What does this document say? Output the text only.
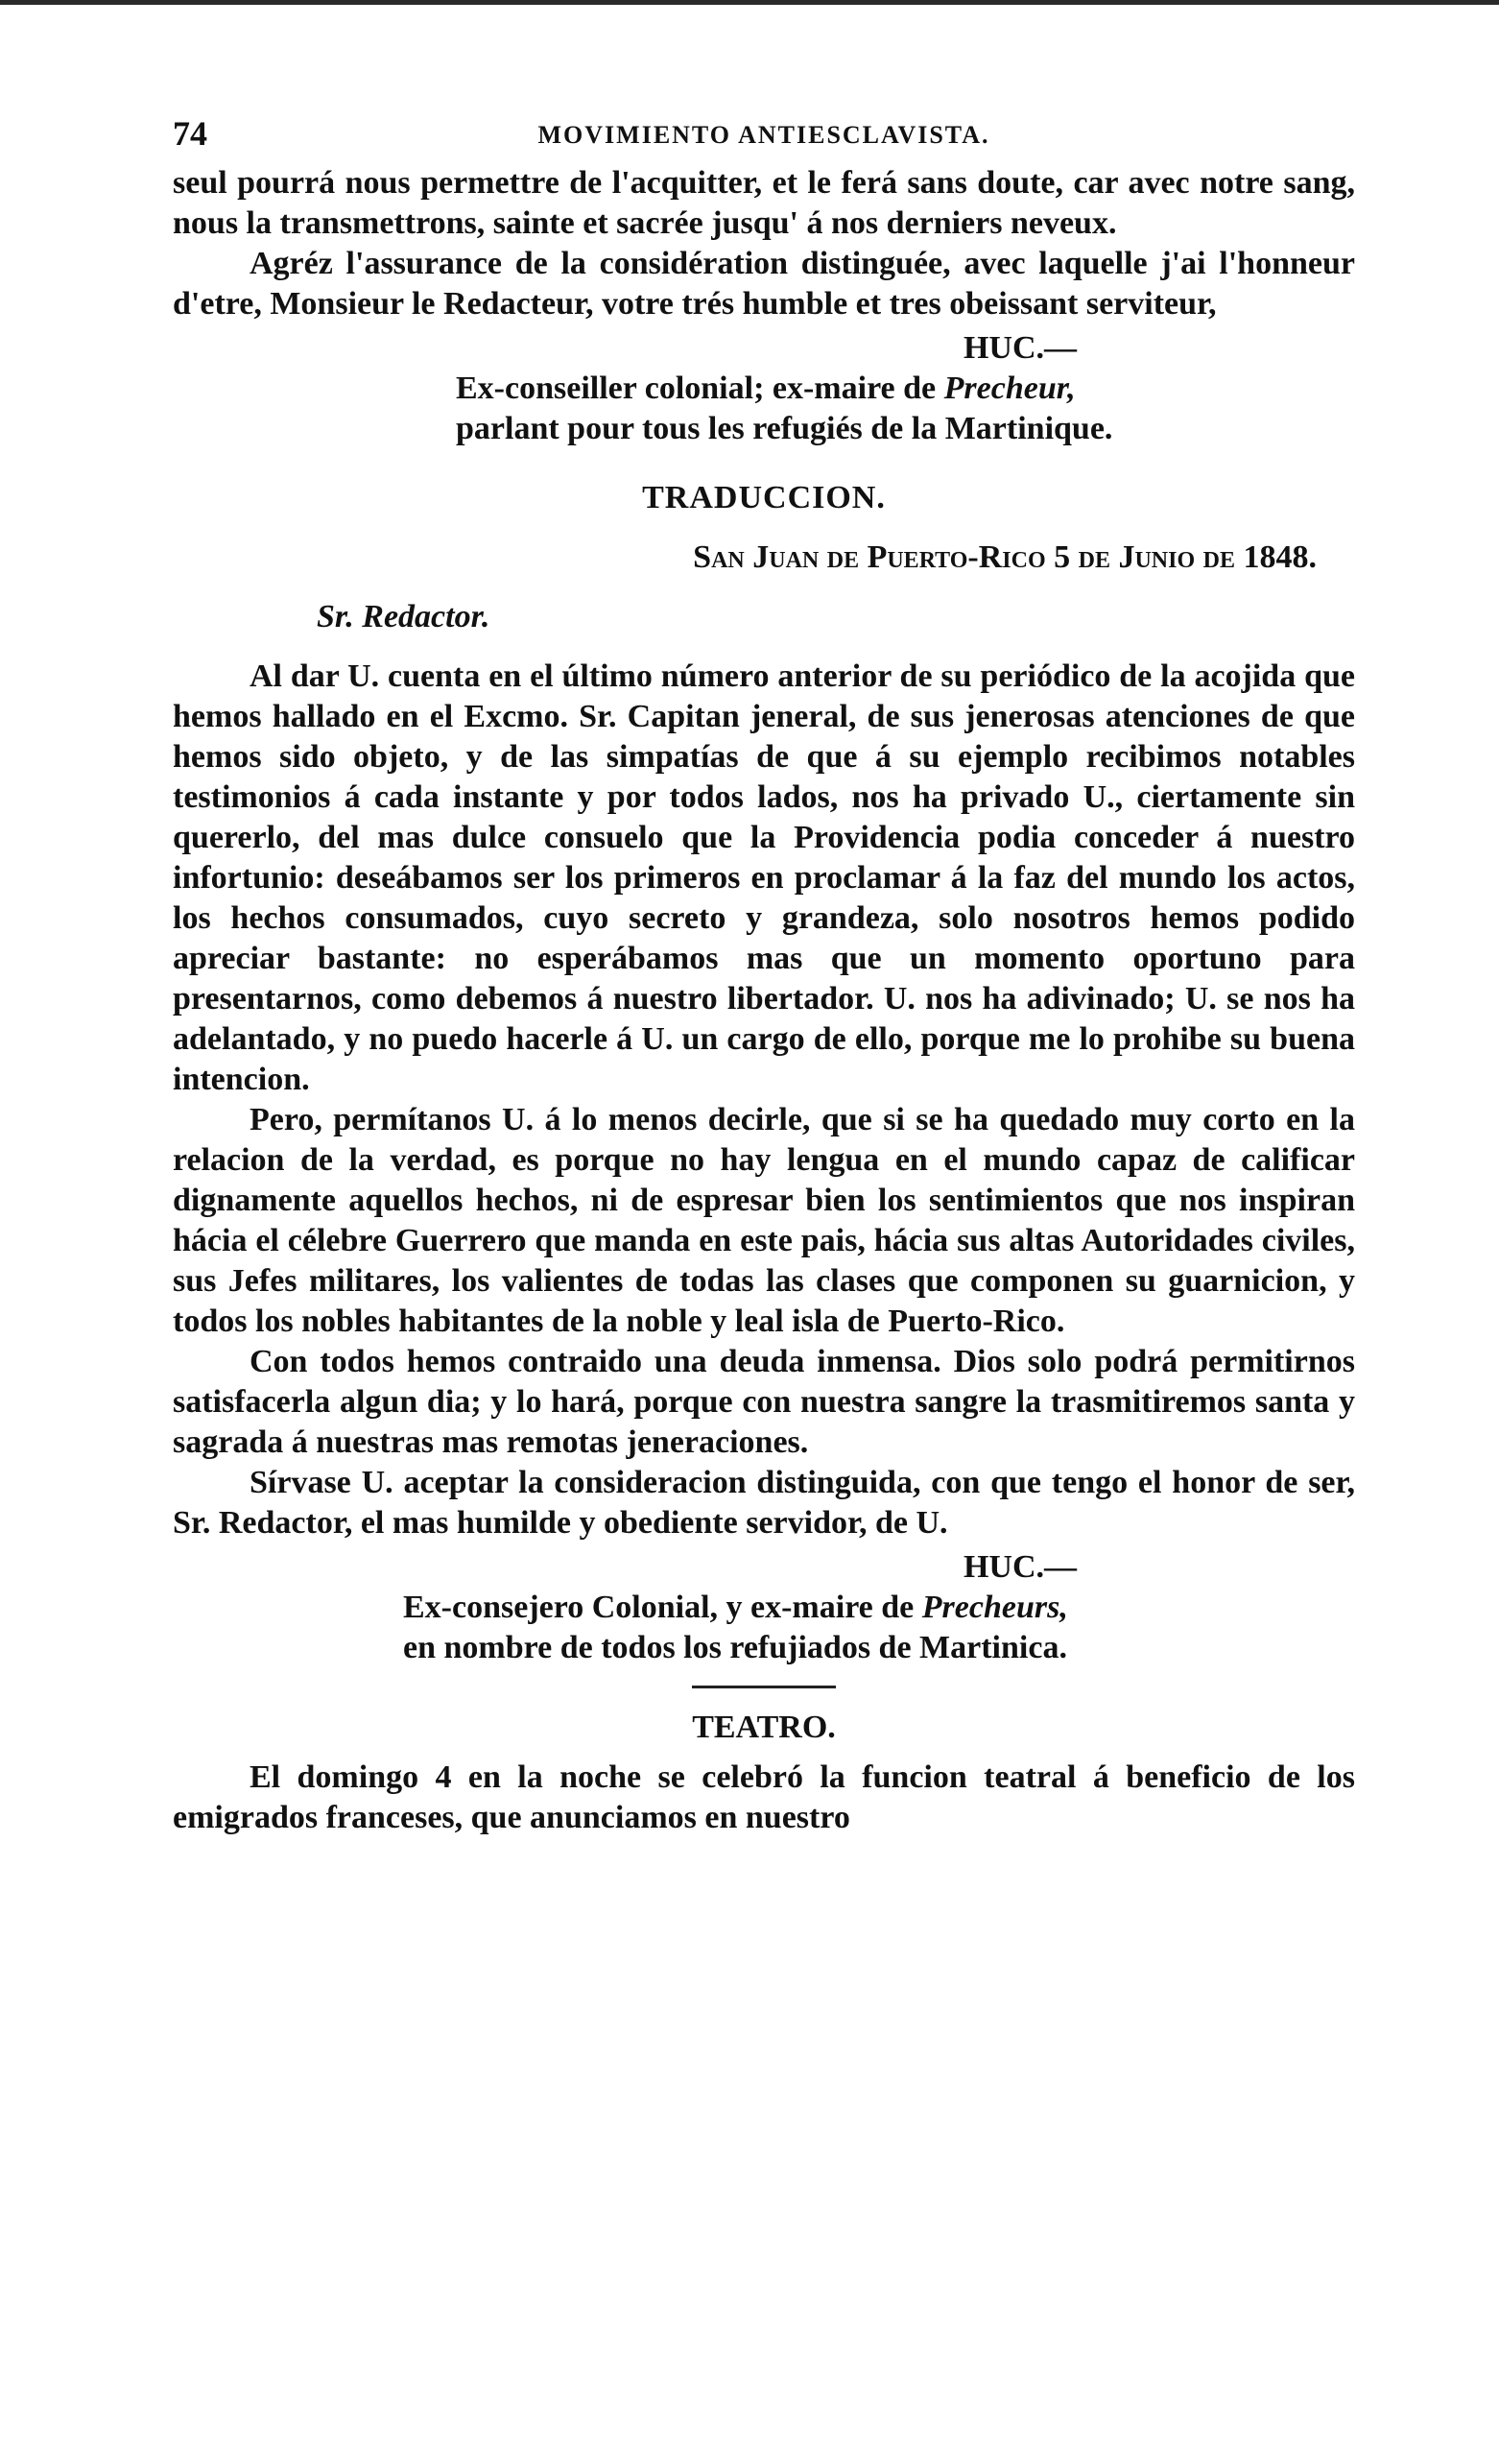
74	MOVIMIENTO ANTIESCLAVISTA.

seul pourrá nous permettre de l'acquitter, et le ferá sans doute, car avec notre sang, nous la transmettrons, sainte et sacrée jusqu' á nos derniers neveux.

Agréz l'assurance de la considération distinguée, avec laquelle j'ai l'honneur d'etre, Monsieur le Redacteur, votre trés humble et tres obeissant serviteur,

HUC.—
Ex-conseiller colonial; ex-maire de Precheur,
parlant pour tous les refugiés de la Martinique.
TRADUCCION.
San Juan de Puerto-Rico 5 de Junio de 1848.
Sr. Redactor.

Al dar U. cuenta en el último número anterior de su periódico de la acojida que hemos hallado en el Excmo. Sr. Capitan jeneral, de sus jenerosas atenciones de que hemos sido objeto, y de las simpatías de que á su ejemplo recibimos notables testimonios á cada instante y por todos lados, nos ha privado U., ciertamente sin quererlo, del mas dulce consuelo que la Providencia podia conceder á nuestro infortunio: deseábamos ser los primeros en proclamar á la faz del mundo los actos, los hechos consumados, cuyo secreto y grandeza, solo nosotros hemos podido apreciar bastante: no esperábamos mas que un momento oportuno para presentarnos, como debemos á nuestro libertador. U. nos ha adivinado; U. se nos ha adelantado, y no puedo hacerle á U. un cargo de ello, porque me lo prohibe su buena intencion.

Pero, permítanos U. á lo menos decirle, que si se ha quedado muy corto en la relacion de la verdad, es porque no hay lengua en el mundo capaz de calificar dignamente aquellos hechos, ni de espresar bien los sentimientos que nos inspiran hácia el célebre Guerrero que manda en este pais, hácia sus altas Autoridades civiles, sus Jefes militares, los valientes de todas las clases que componen su guarnicion, y todos los nobles habitantes de la noble y leal isla de Puerto-Rico.

Con todos hemos contraido una deuda inmensa. Dios solo podrá permitirnos satisfacerla algun dia; y lo hará, porque con nuestra sangre la trasmitiremos santa y sagrada á nuestras mas remotas jeneraciones.

Sírvase U. aceptar la consideracion distinguida, con que tengo el honor de ser, Sr. Redactor, el mas humilde y obediente servidor, de U.

HUC.—
Ex-consejero Colonial, y ex-maire de Precheurs,
en nombre de todos los refujiados de Martinica.
TEATRO.

El domingo 4 en la noche se celebró la funcion teatral á beneficio de los emigrados franceses, que anunciamos en nuestro
